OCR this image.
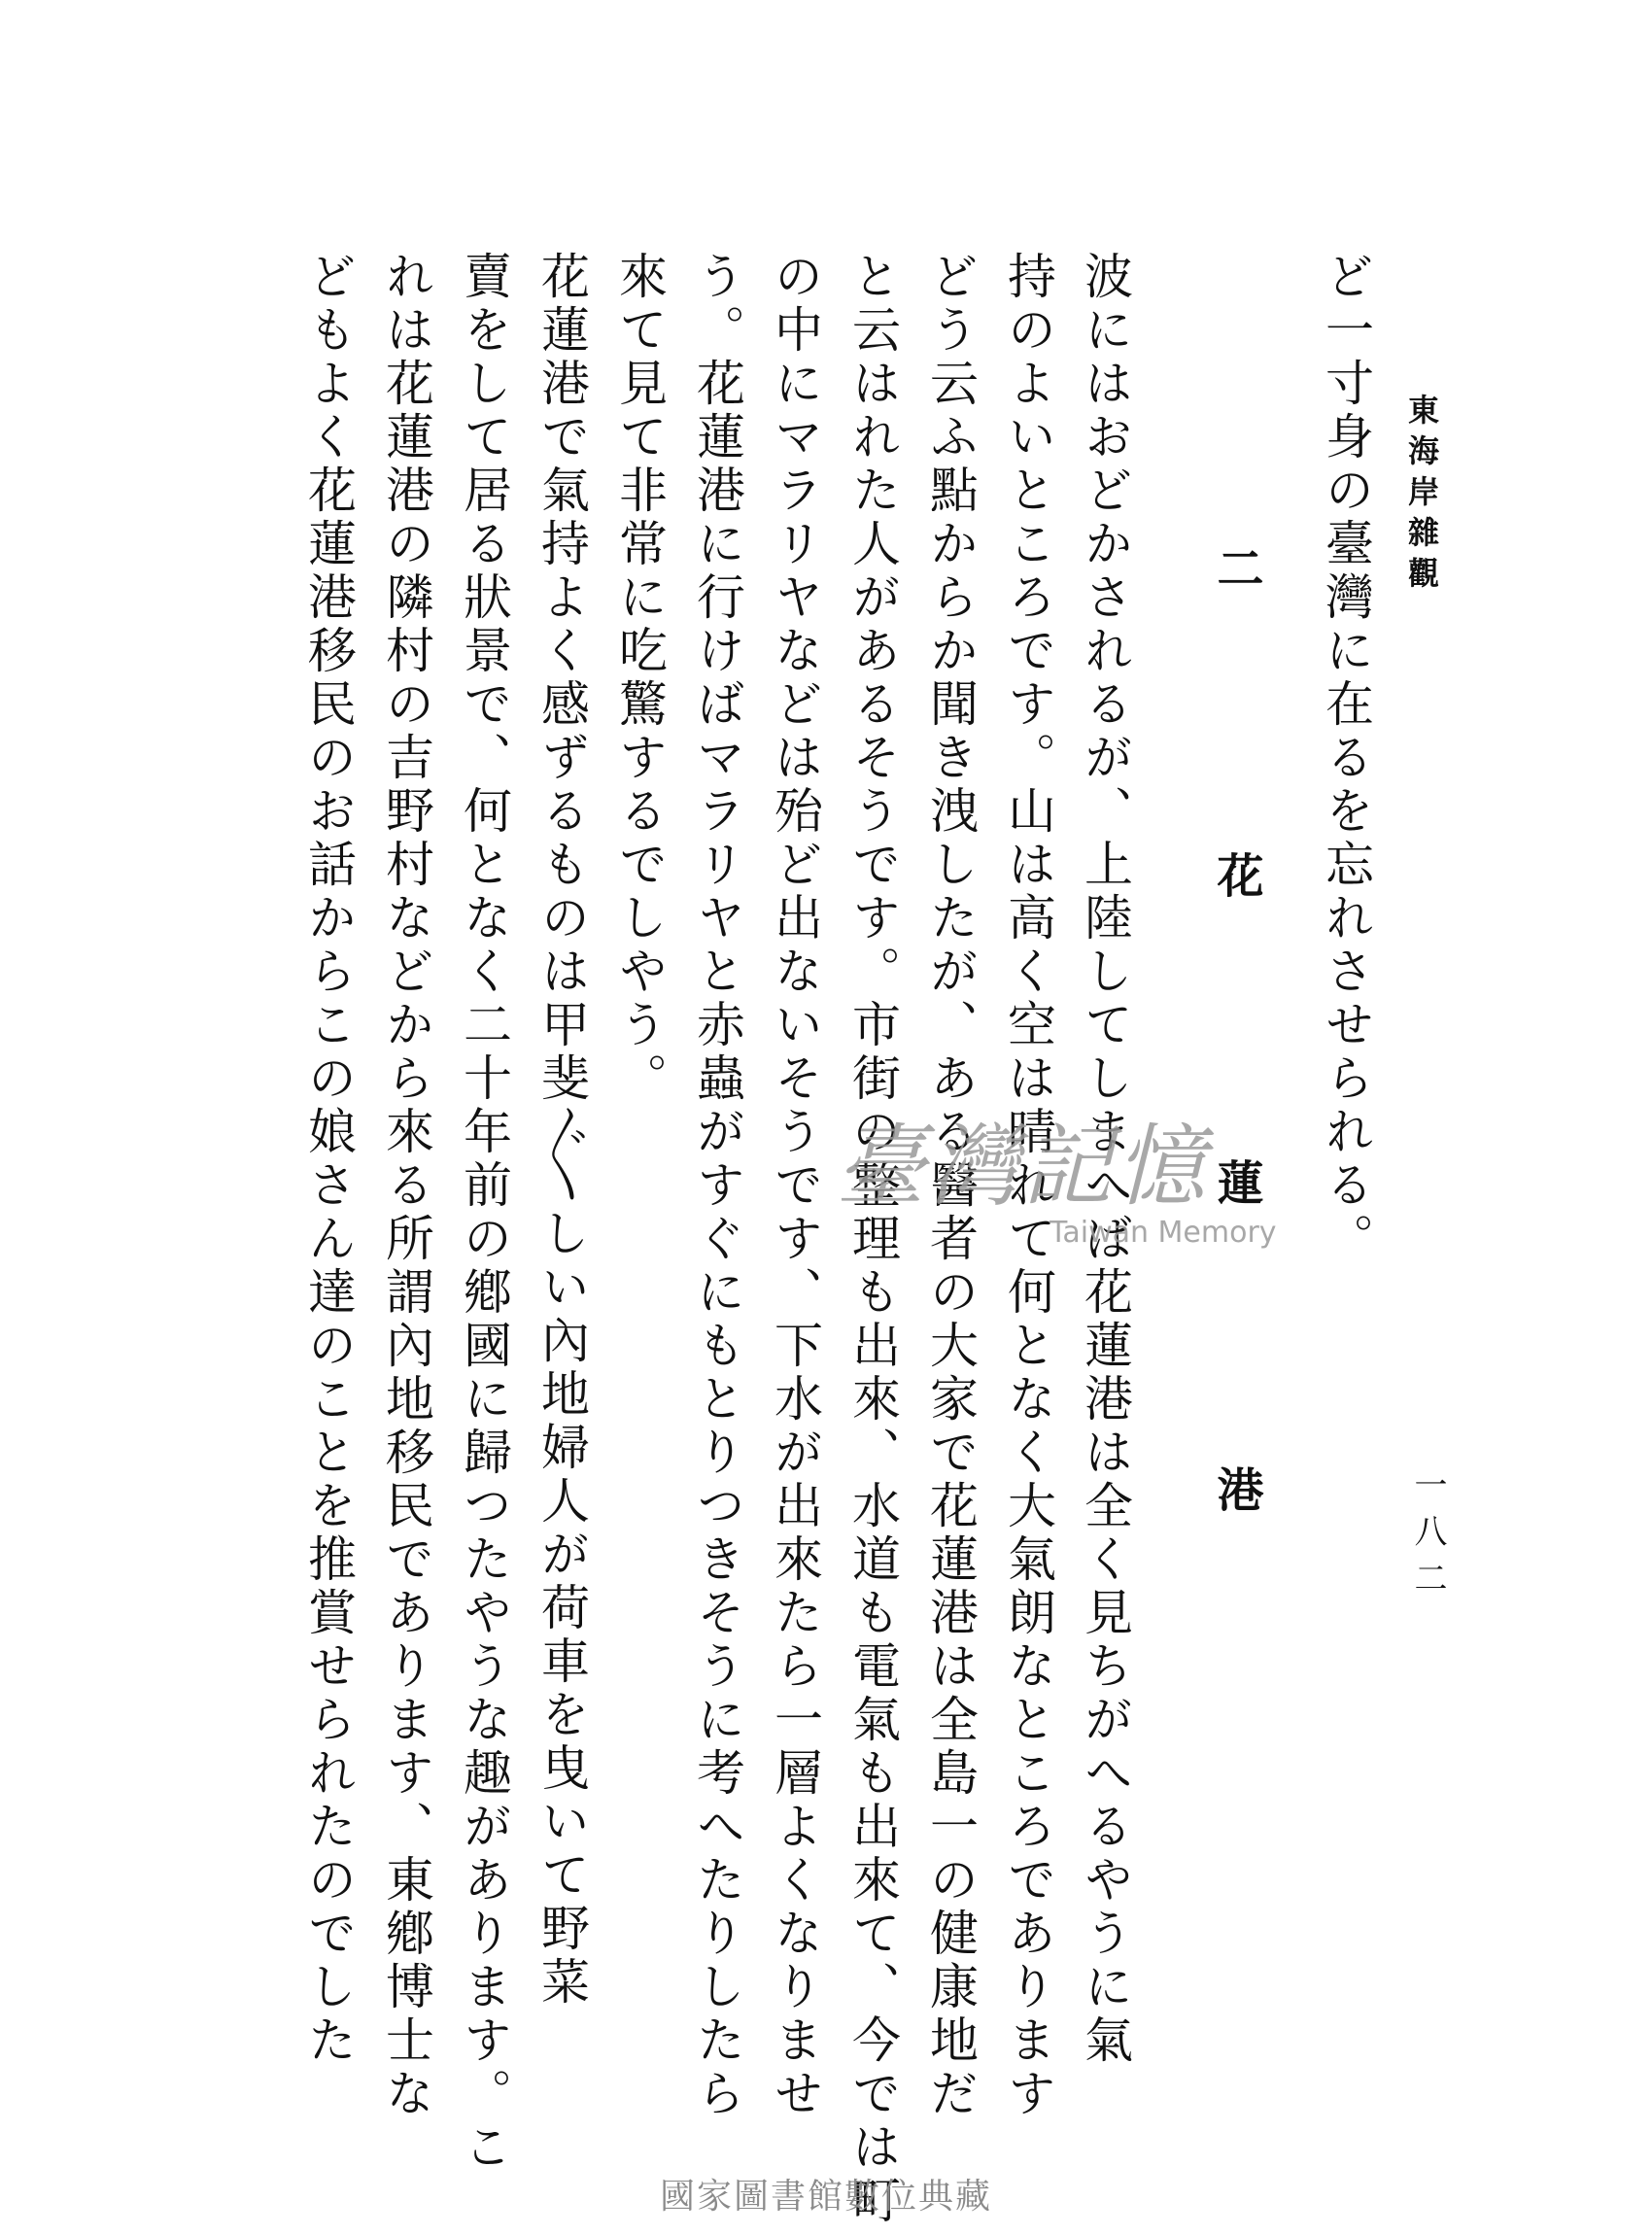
東海岸雜觀
一八二
ど一寸身の臺灣に在るを忘れさせられる。
二　花　蓮　港
波にはおどかされるが、上陸してしまへば花蓮港は全く見ちがへるやうに氣
持のよいところです。山は高く空は晴れて何となく大氣朗なところであります
どう云ふ點からか聞き洩したが、ある醫者の大家で花蓮港は全島一の健康地だ
と云はれた人があるそうです。市街の整理も出來、水道も電氣も出來て、今では町
の中にマラリヤなどは殆ど出ないそうです、下水が出來たら一層よくなりませ
う。花蓮港に行けばマラリヤと赤蟲がすぐにもとりつきそうに考へたりしたら
來て見て非常に吃驚するでしやう。
花蓮港で氣持よく感ずるものは甲斐〴〵しい內地婦人が荷車を曳いて野菜
賣をして居る狀景で、何となく二十年前の鄕國に歸つたやうな趣があります。こ
れは花蓮港の隣村の吉野村などから來る所謂內地移民であります、東鄕博士な
どもよく花蓮港移民のお話からこの娘さん達のことを推賞せられたのでした	臺灣記憶
Taiwan Memory
國家圖書館數位典藏
